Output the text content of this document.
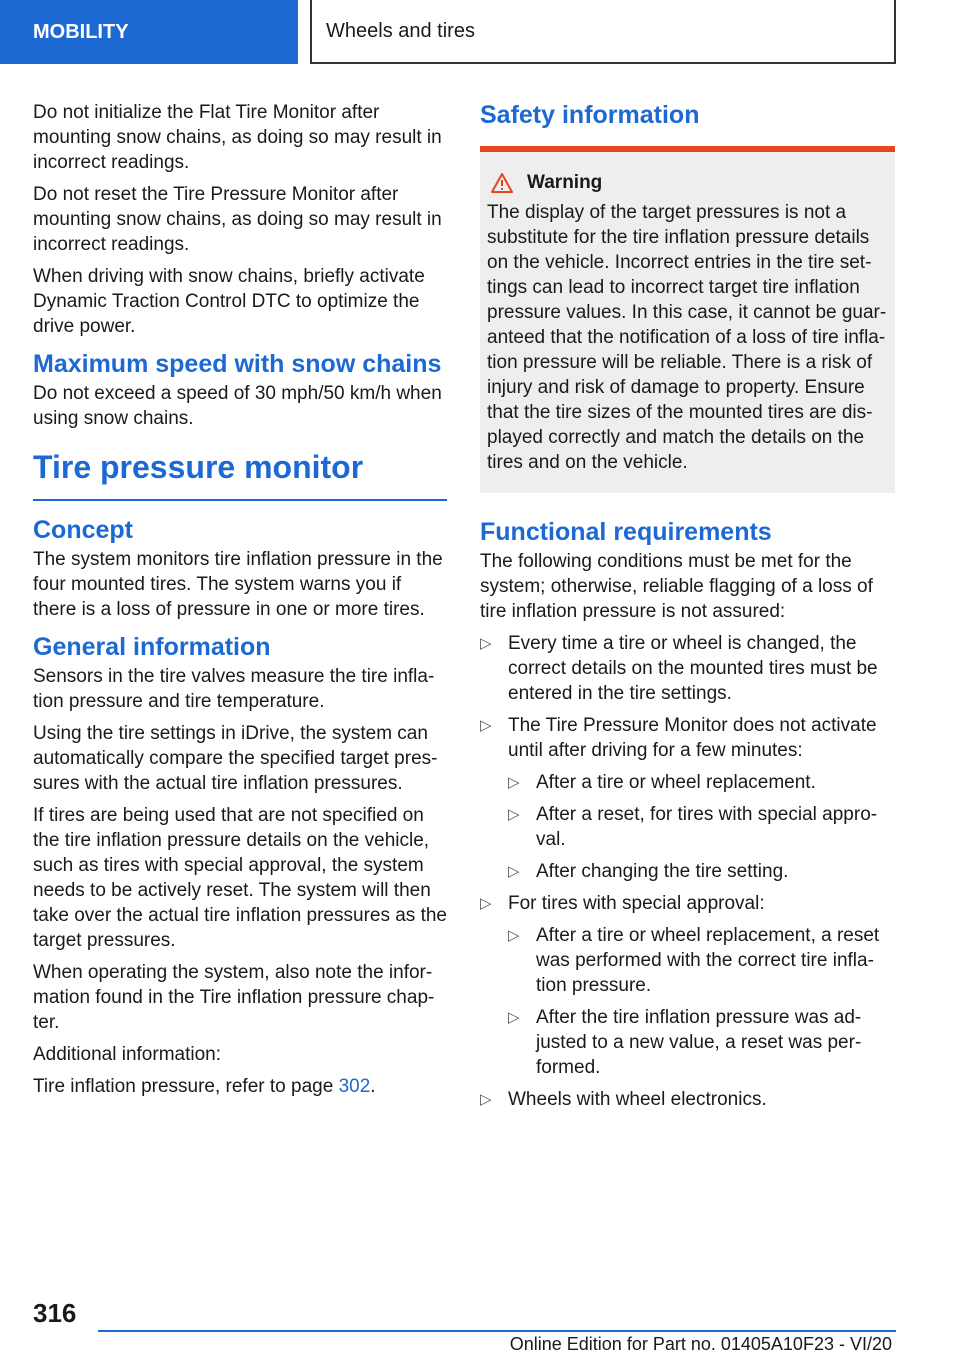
MOBILITY	Wheels and tires

Do not initialize the Flat Tire Monitor after mounting snow chains, as doing so may result in incorrect readings.

Do not reset the Tire Pressure Monitor after mounting snow chains, as doing so may result in incorrect readings.

When driving with snow chains, briefly activate Dynamic Traction Control DTC to optimize the drive power.

Maximum speed with snow chains

Do not exceed a speed of 30 mph/50 km/h when using snow chains.

Tire pressure monitor
Concept

The system monitors tire inflation pressure in the four mounted tires. The system warns you if there is a loss of pressure in one or more tires.

General information

Sensors in the tire valves measure the tire infla‐tion pressure and tire temperature.

Using the tire settings in iDrive, the system can automatically compare the specified target pres‐sures with the actual tire inflation pressures.

If tires are being used that are not specified on the tire inflation pressure details on the vehicle, such as tires with special approval, the system needs to be actively reset. The system will then take over the actual tire inflation pressures as the target pressures.

When operating the system, also note the infor‐mation found in the Tire inflation pressure chap‐ter.

Additional information:

Tire inflation pressure, refer to page 302.

Safety information
Warning

The display of the target pressures is not a substitute for the tire inflation pressure details on the vehicle. Incorrect entries in the tire set‐tings can lead to incorrect target tire inflation pressure values. In this case, it cannot be guar‐anteed that the notification of a loss of tire infla‐tion pressure will be reliable. There is a risk of injury and risk of damage to property. Ensure that the tire sizes of the mounted tires are dis‐played correctly and match the details on the tires and on the vehicle.

Functional requirements

The following conditions must be met for the system; otherwise, reliable flagging of a loss of tire inflation pressure is not assured:

▷ Every time a tire or wheel is changed, the correct details on the mounted tires must be entered in the tire settings.
▷ The Tire Pressure Monitor does not activate until after driving for a few minutes:
▷ After a tire or wheel replacement.
▷ After a reset, for tires with special appro‐val.
▷ After changing the tire setting.
▷ For tires with special approval:
▷ After a tire or wheel replacement, a reset was performed with the correct tire infla‐tion pressure.
▷ After the tire inflation pressure was ad‐justed to a new value, a reset was per‐formed.
▷ Wheels with wheel electronics.
316
Online Edition for Part no. 01405A10F23 - VI/20
